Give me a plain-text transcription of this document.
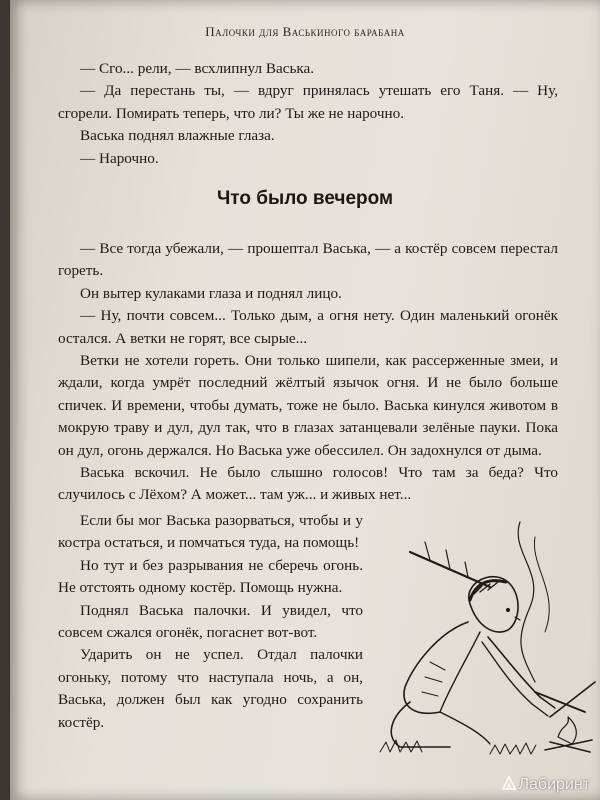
Палочки для Васькиного барабана

— Сго... рели, — всхлипнул Васька.

— Да перестань ты, — вдруг принялась утешать его Таня. — Ну, сгорели. Помирать теперь, что ли? Ты же не нарочно.

Васька поднял влажные глаза.

— Нарочно.

Что было вечером

— Все тогда убежали, — прошептал Васька, — а костёр совсем перестал гореть.

Он вытер кулаками глаза и поднял лицо.

— Ну, почти совсем... Только дым, а огня нету. Один маленький огонёк остался. А ветки не горят, все сырые...

Ветки не хотели гореть. Они только шипели, как рассерженные змеи, и ждали, когда умрёт последний жёлтый язычок огня. И не было больше спичек. И времени, чтобы думать, тоже не было. Васька кинулся животом в мокрую траву и дул, дул так, что в глазах затанцевали зелёные пауки. Пока он дул, огонь держался. Но Васька уже обессилел. Он задохнулся от дыма.

Васька вскочил. Не было слышно голосов! Что там за беда? Что случилось с Лёхом? А может... там уж... и живых нет...

Если бы мог Васька разорваться, чтобы и у костра остаться, и помчаться туда, на помощь!

Но тут и без разрывания не сберечь огонь. Не отстоять одному костёр. Помощь нужна.

Поднял Васька палочки. И увидел, что совсем сжался огонёк, погаснет вот-вот.

Ударить он не успел. Отдал палочки огоньку, потому что наступала ночь, а он, Васька, должен был как угодно сохранить костёр.

Лабиринт
